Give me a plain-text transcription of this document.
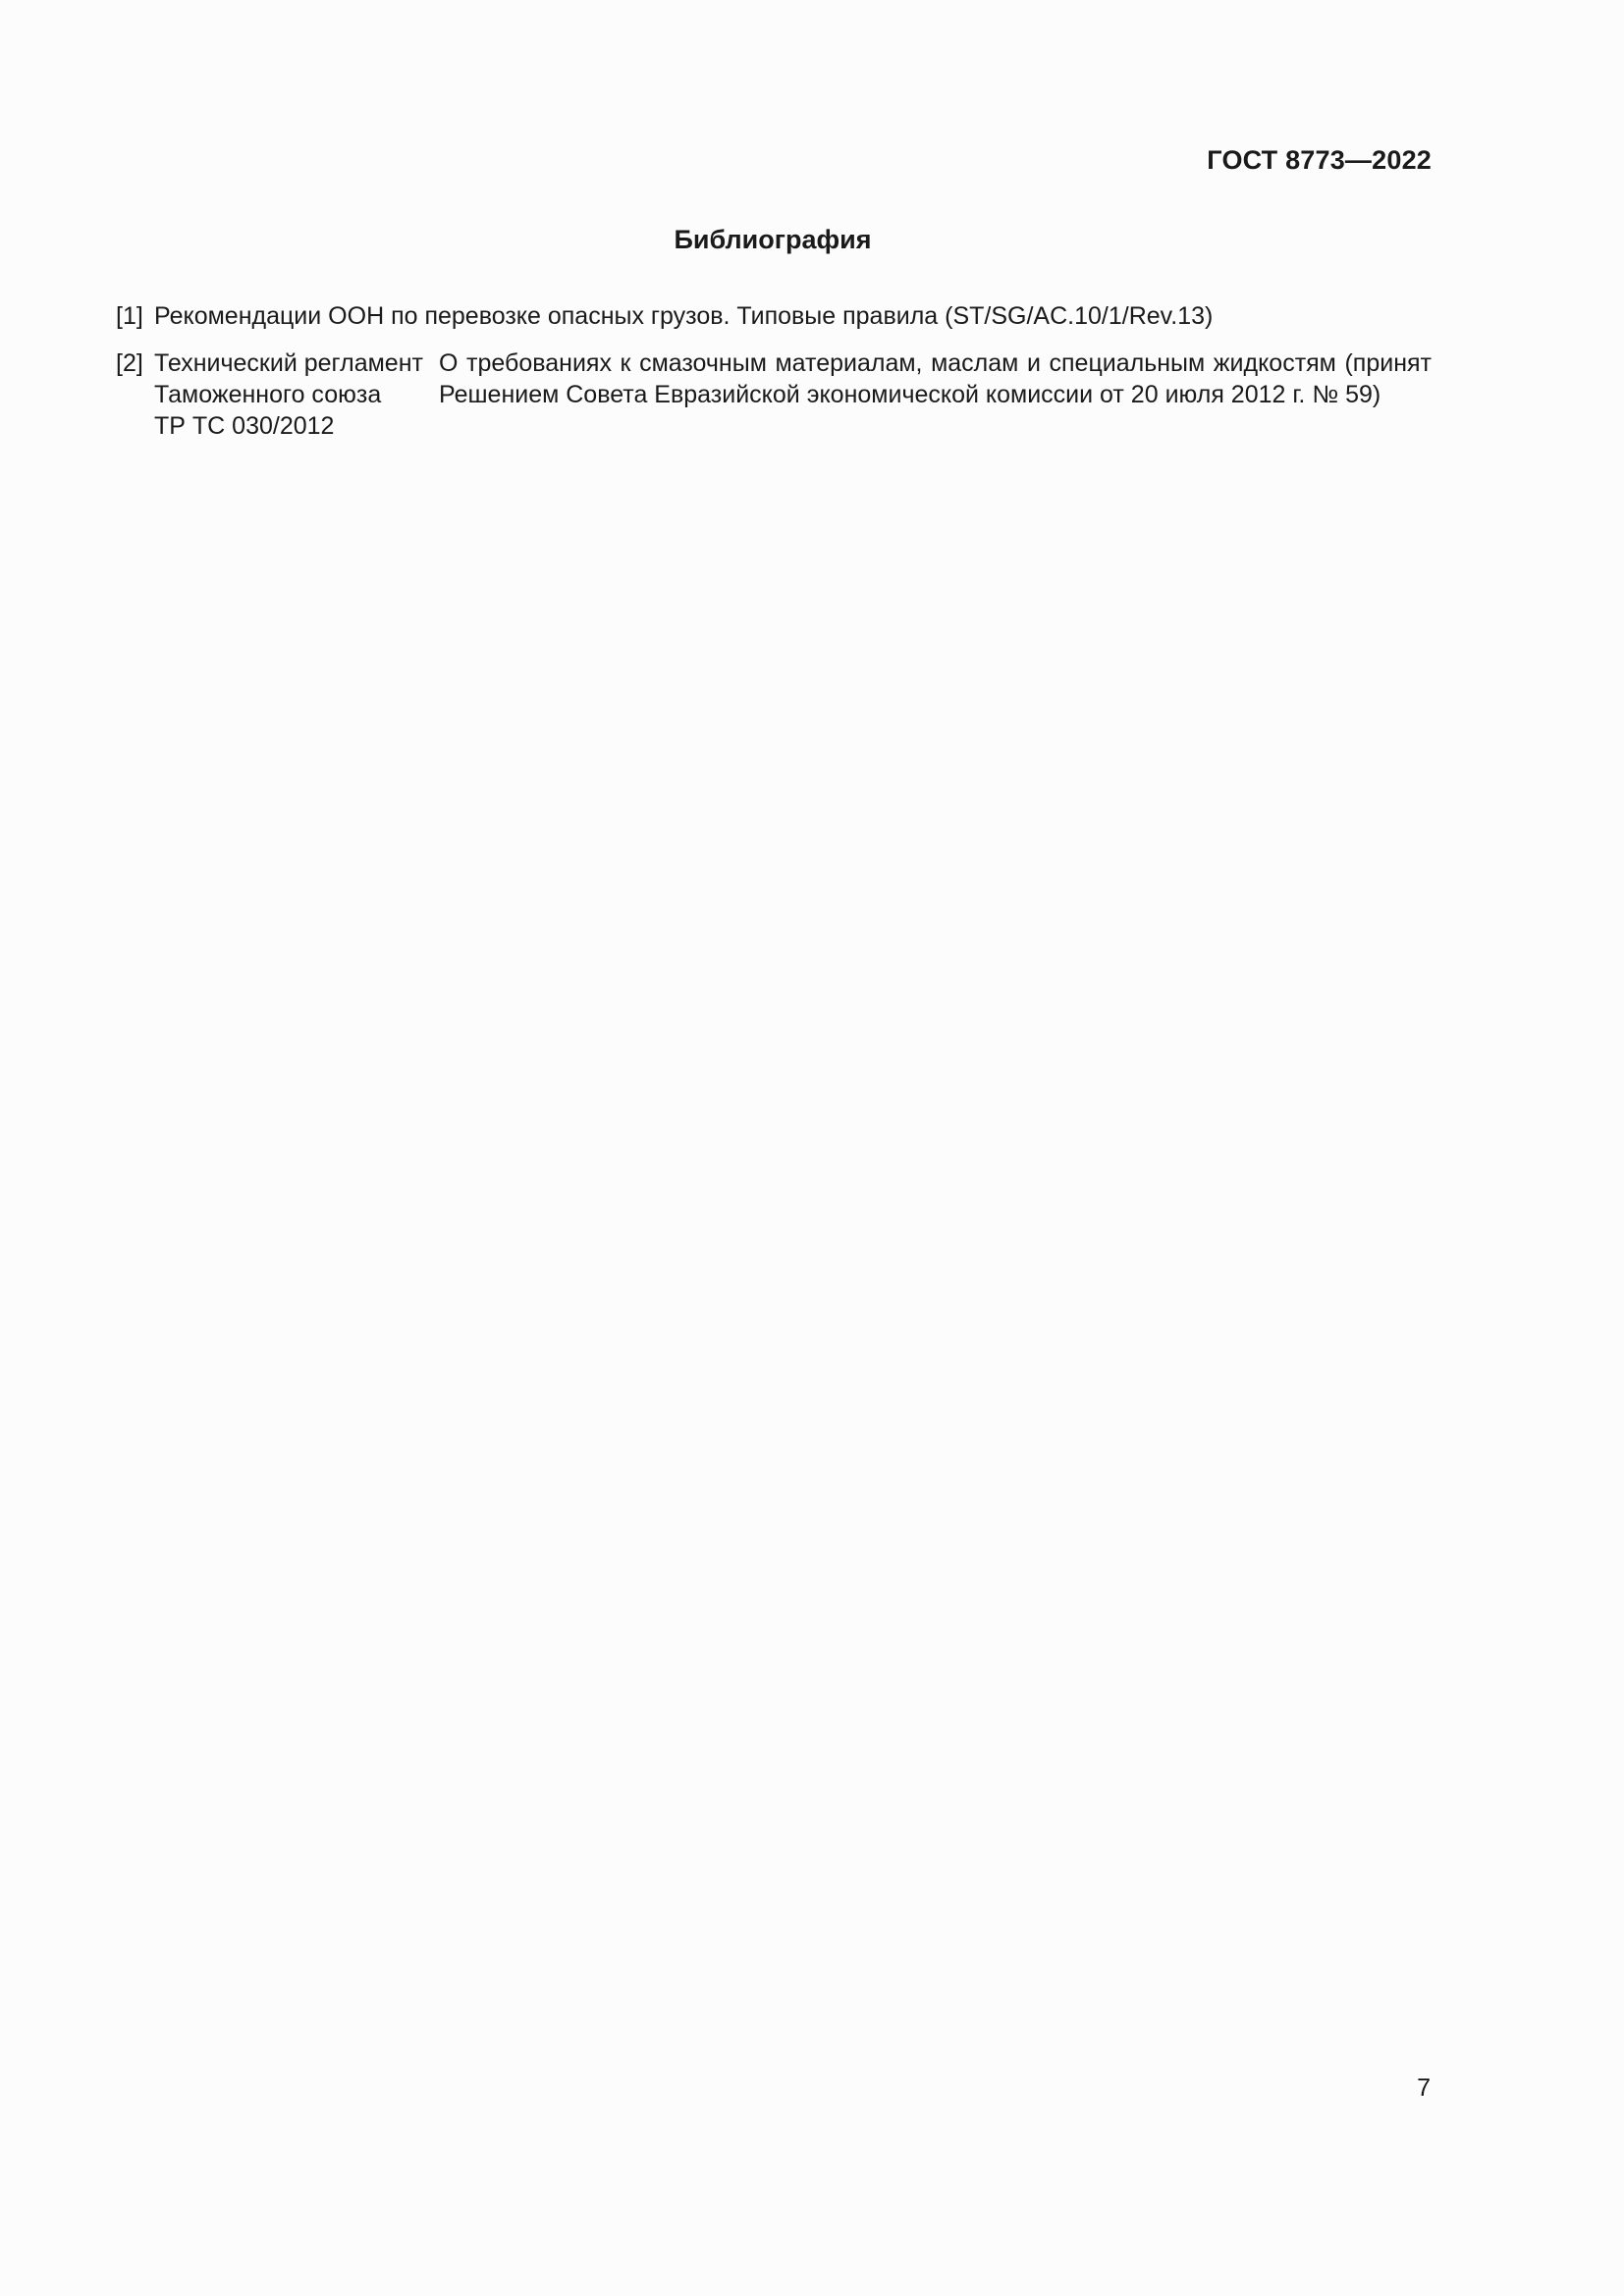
ГОСТ 8773—2022
Библиография
[1] Рекомендации ООН по перевозке опасных грузов. Типовые правила (ST/SG/AC.10/1/Rev.13)
[2] Технический регламент
Таможенного союза
ТР ТС 030/2012
О требованиях к смазочным материалам, маслам и специальным жидкостям (принят Решением Совета Евразийской экономической комиссии от 20 июля 2012 г. № 59)
7
